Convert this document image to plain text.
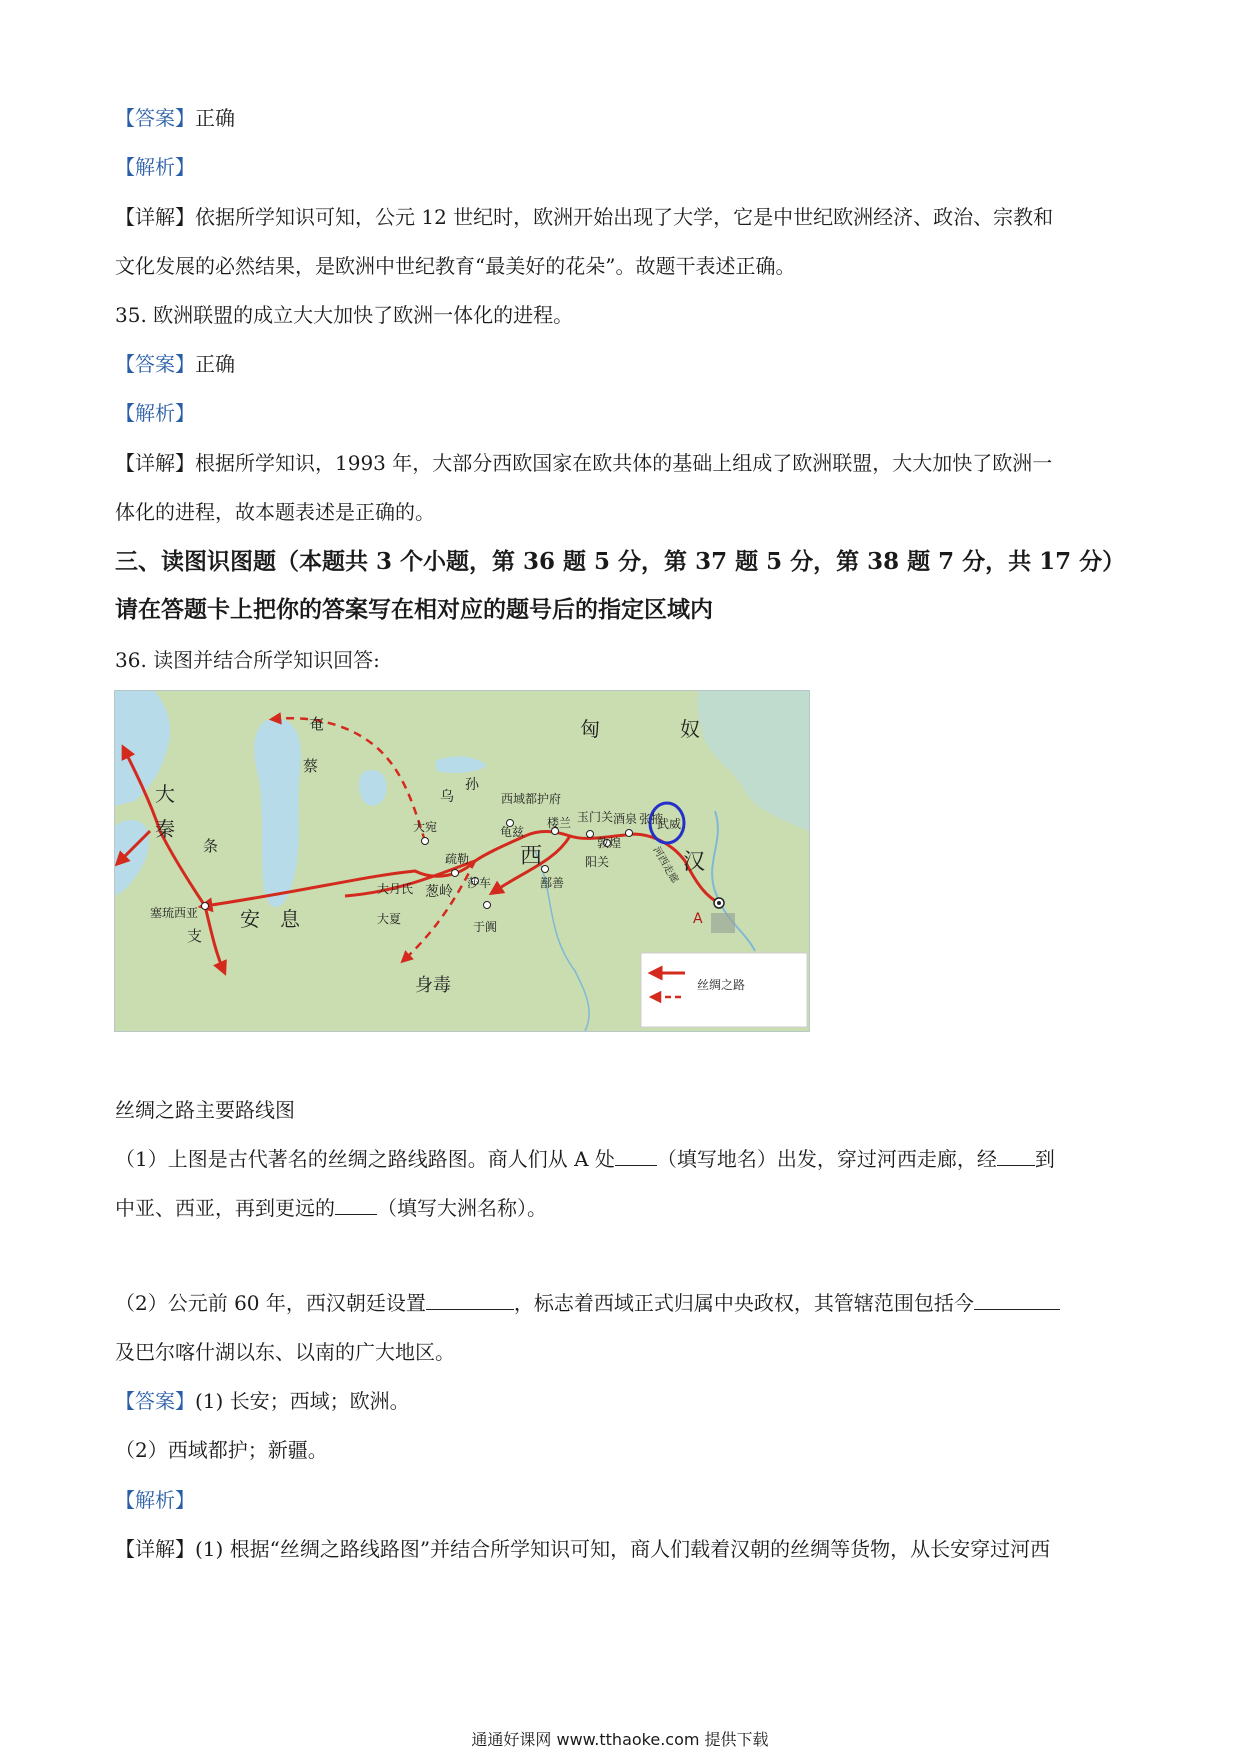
【答案】正确
【解析】
【详解】依据所学知识可知，公元 12 世纪时，欧洲开始出现了大学，它是中世纪欧洲经济、政治、宗教和
文化发展的必然结果，是欧洲中世纪教育“最美好的花朵”。故题干表述正确。
35. 欧洲联盟的成立大大加快了欧洲一体化的进程。
【答案】正确
【解析】
【详解】根据所学知识，1993 年，大部分西欧国家在欧共体的基础上组成了欧洲联盟，大大加快了欧洲一
体化的进程，故本题表述是正确的。
三、读图识图题（本题共 3 个小题，第 36 题 5 分，第 37 题 5 分，第 38 题 7 分，共 17 分）
请在答题卡上把你的答案写在相对应的题号后的指定区域内
36. 读图并结合所学知识回答:
匈	奴
奄
蔡
大
秦
条
支
塞琉西亚 安 息
乌
孙
西域都护府
大宛	龟兹
楼兰 玉门关 酒泉 张掖
武威
敦煌
河西走廊
阳关
疏勒 西
鄯善
汉
A
大月氏 葱岭
莎车
大夏
于阗
身毒	丝绸之路
丝绸之路主要路线图
（1）上图是古代著名的丝绸之路线路图。商人们从 A 处 （填写地名）出发，穿过河西走廊，经 到
中亚、西亚，再到更远的 （填写大洲名称）。
（2）公元前 60 年，西汉朝廷设置	，标志着西域正式归属中央政权，其管辖范围包括今
及巴尔喀什湖以东、以南的广大地区。
【答案】(1) 长安；西域；欧洲。
（2）西域都护；新疆。
【解析】
【详解】(1) 根据“丝绸之路线路图”并结合所学知识可知，商人们载着汉朝的丝绸等货物，从长安穿过河西
通通好课网 www.tthaoke.com 提供下载
